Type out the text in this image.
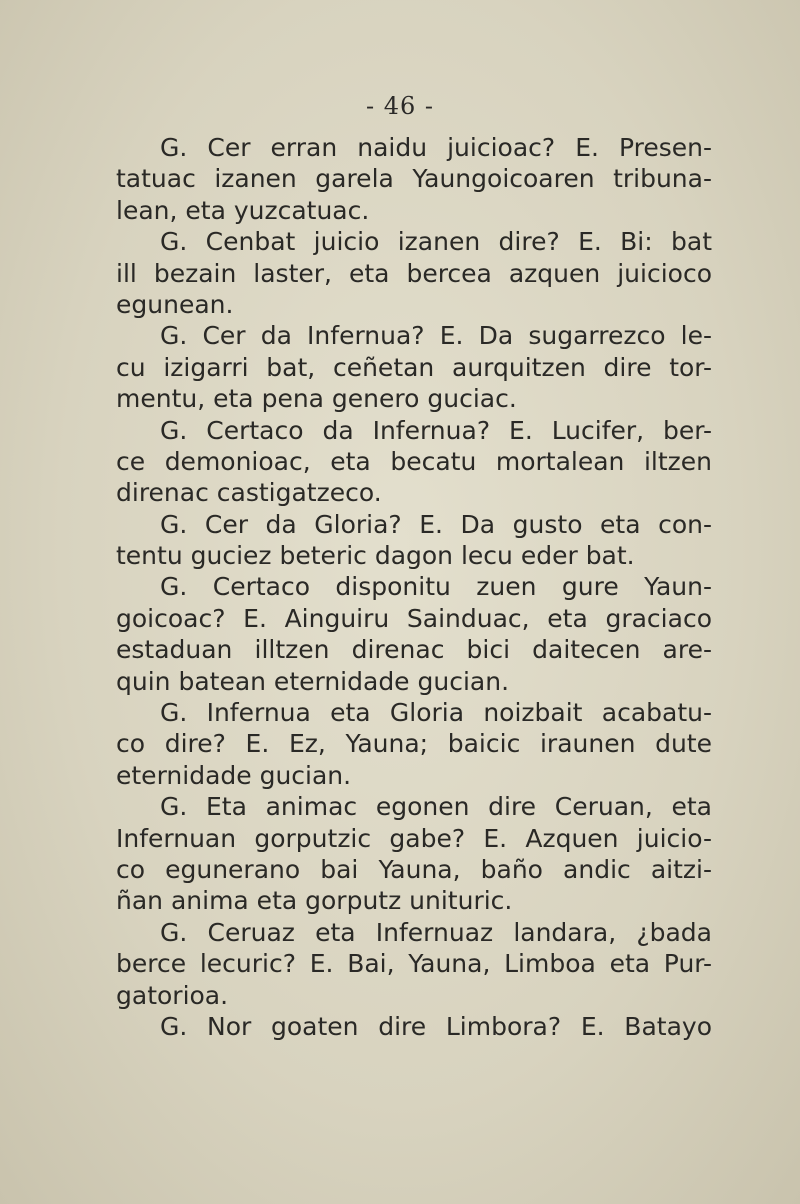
- 46 -
G. Cer erran naidu juicioac? E. Presen-
tatuac izanen garela Yaungoicoaren tribuna-
lean, eta yuzcatuac.
G. Cenbat juicio izanen dire? E. Bi: bat
ill bezain laster, eta bercea azquen juicioco
egunean.
G. Cer da Infernua? E. Da sugarrezco le-
cu izigarri bat, ceñetan aurquitzen dire tor-
mentu, eta pena genero guciac.
G. Certaco da Infernua? E. Lucifer, ber-
ce demonioac, eta becatu mortalean iltzen
direnac castigatzeco.
G. Cer da Gloria? E. Da gusto eta con-
tentu guciez beteric dagon lecu eder bat.
G. Certaco disponitu zuen gure Yaun-
goicoac? E. Ainguiru Sainduac, eta graciaco
estaduan illtzen direnac bici daitecen are-
quin batean eternidade gucian.
G. Infernua eta Gloria noizbait acabatu-
co dire? E. Ez, Yauna; baicic iraunen dute
eternidade gucian.
G. Eta animac egonen dire Ceruan, eta
Infernuan gorputzic gabe? E. Azquen juicio-
co egunerano bai Yauna, baño andic aitzi-
ñan anima eta gorputz unituric.
G. Ceruaz eta Infernuaz landara, ¿bada
berce lecuric? E. Bai, Yauna, Limboa eta Pur-
gatorioa.
G. Nor goaten dire Limbora? E. Batayo
